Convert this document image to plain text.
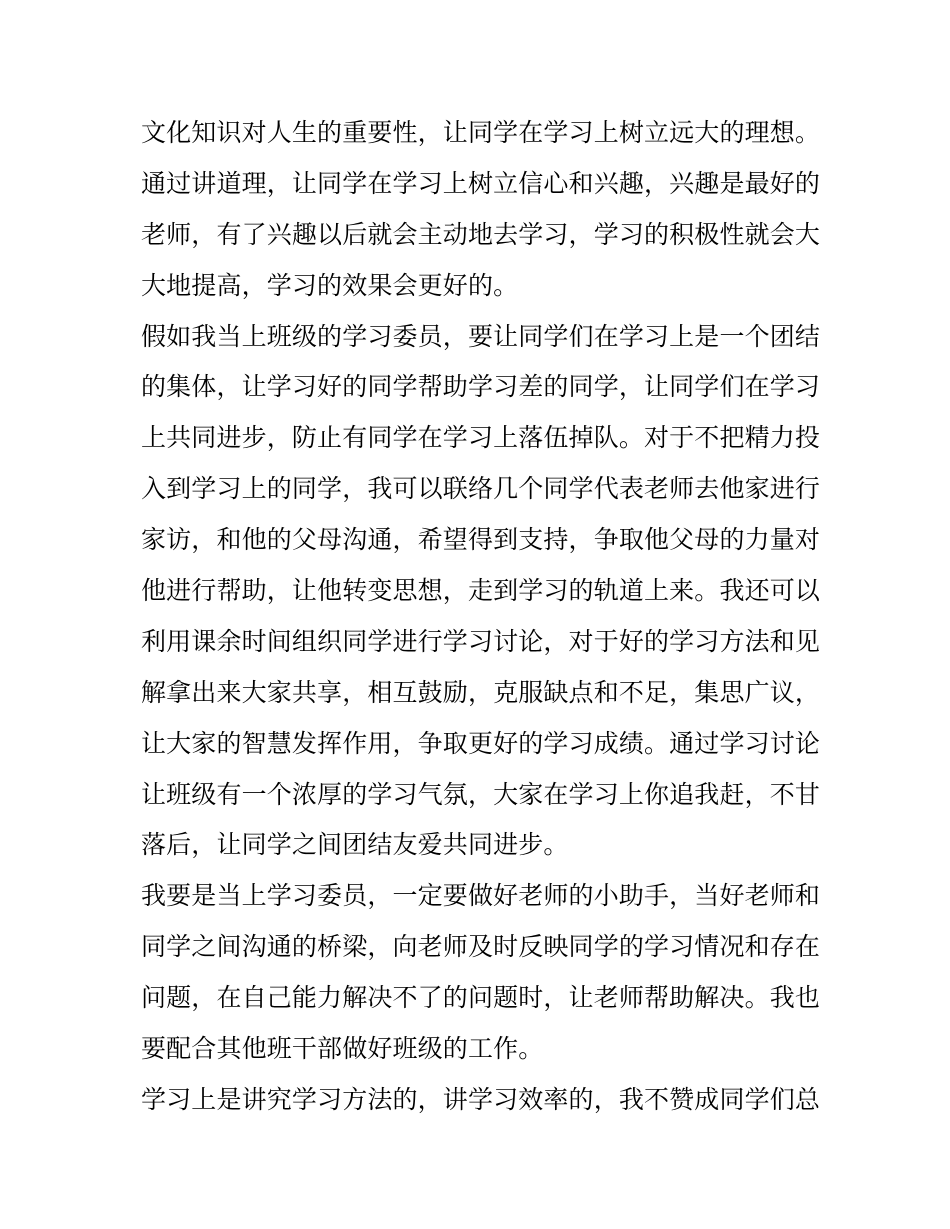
文化知识对人生的重要性，让同学在学习上树立远大的理想。
通过讲道理，让同学在学习上树立信心和兴趣，兴趣是最好的
老师，有了兴趣以后就会主动地去学习，学习的积极性就会大
大地提高，学习的效果会更好的。
假如我当上班级的学习委员，要让同学们在学习上是一个团结
的集体，让学习好的同学帮助学习差的同学，让同学们在学习
上共同进步，防止有同学在学习上落伍掉队。对于不把精力投
入到学习上的同学，我可以联络几个同学代表老师去他家进行
家访，和他的父母沟通，希望得到支持，争取他父母的力量对
他进行帮助，让他转变思想，走到学习的轨道上来。我还可以
利用课余时间组织同学进行学习讨论，对于好的学习方法和见
解拿出来大家共享，相互鼓励，克服缺点和不足，集思广议，
让大家的智慧发挥作用，争取更好的学习成绩。通过学习讨论
让班级有一个浓厚的学习气氛，大家在学习上你追我赶，不甘
落后，让同学之间团结友爱共同进步。
我要是当上学习委员，一定要做好老师的小助手，当好老师和
同学之间沟通的桥梁，向老师及时反映同学的学习情况和存在
问题，在自己能力解决不了的问题时，让老师帮助解决。我也
要配合其他班干部做好班级的工作。
学习上是讲究学习方法的，讲学习效率的，我不赞成同学们总
